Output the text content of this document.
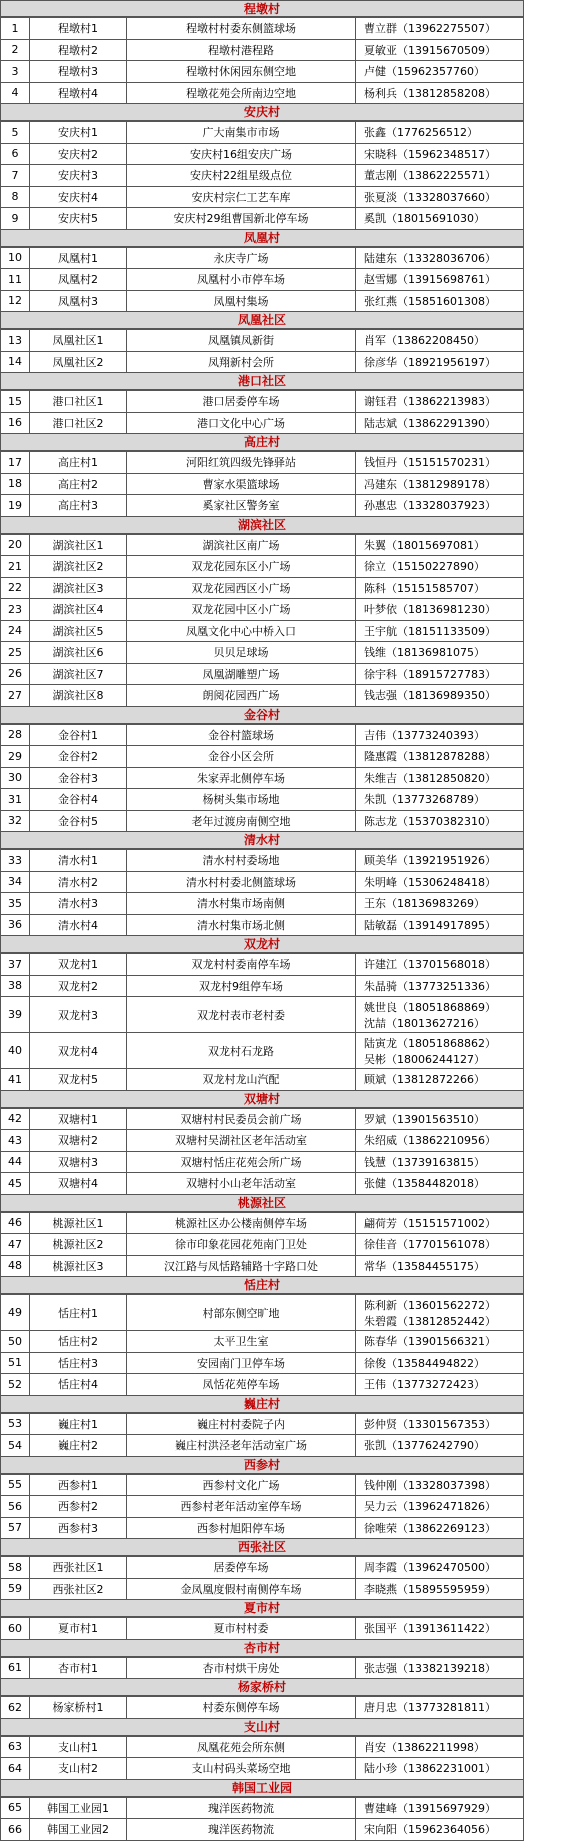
程墩村
1	程墩村1	程墩村村委东侧篮球场	曹立群（13962275507）

2	程墩村2	程墩村港程路	夏敏亚（13915670509）

3	程墩村3	程墩村休闲园东侧空地	卢健（15962357760）

4	程墩村4	程墩花苑会所南边空地	杨利兵（13812858208）
安庆村
5	安庆村1	广大南集市市场	张鑫（1776256512）

6	安庆村2	安庆村16组安庆广场	宋晓科（15962348517）

7	安庆村3	安庆村22组星级点位	董志刚（13862225571）

8	安庆村4	安庆村宗仁工艺车库	张夏淡（13328037660）

9	安庆村5	安庆村29组曹国新北停车场	奚凯（18015691030）
凤凰村
10	凤凰村1	永庆寺广场	陆建东（13328036706）

11	凤凰村2	凤凰村小市停车场	赵雪娜（13915698761）

12	凤凰村3	凤凰村集场	张红燕（15851601308）
凤凰社区
13	凤凰社区1	凤凰镇凤新街	肖军（13862208450）

14	凤凰社区2	凤翔新村会所	徐彦华（18921956197）
港口社区
15	港口社区1	港口居委停车场	谢钰君（13862213983）

16	港口社区2	港口文化中心广场	陆志斌（13862291390）
高庄村
17	高庄村1	河阳红筑四级先锋驿站	钱恒丹（15151570231）

18	高庄村2	曹家水渠篮球场	冯建东（13812989178）

19	高庄村3	奚家社区警务室	孙惠忠（13328037923）
湖滨社区
20	湖滨社区1	湖滨社区南广场	朱翼（18015697081）

21	湖滨社区2	双龙花园东区小广场	徐立（15150227890）

22	湖滨社区3	双龙花园西区小广场	陈科（15151585707）

23	湖滨社区4	双龙花园中区小广场	叶梦依（18136981230）

24	湖滨社区5	凤凰文化中心中桥入口	王宇航（18151133509）

25	湖滨社区6	贝贝足球场	钱维（18136981075）

26	湖滨社区7	凤凰湖雕塑广场	徐宇科（18915727783）

27	湖滨社区8	朗阅花园西广场	钱志强（18136989350）
金谷村
28	金谷村1	金谷村篮球场	吉伟（13773240393）

29	金谷村2	金谷小区会所	隆惠霞（13812878288）

30	金谷村3	朱家弄北侧停车场	朱维吉（13812850820）

31	金谷村4	杨树头集市场地	朱凯（13773268789）

32	金谷村5	老年过渡房南侧空地	陈志龙（15370382310）
清水村
33	清水村1	清水村村委场地	顾美华（13921951926）

34	清水村2	清水村村委北侧篮球场	朱明峰（15306248418）

35	清水村3	清水村集市场南侧	王东（18136983269）

36	清水村4	清水村集市场北侧	陆敏磊（13914917895）
双龙村
37	双龙村1	双龙村村委南停车场	许建江（13701568018）

38	双龙村2	双龙村9组停车场	朱晶骑（13773251336）

39	双龙村3	双龙村表市老村委	姚世良（18051868869）
沈喆（18013627216）

40	双龙村4	双龙村石龙路	陆寅龙（18051868862）
吴彬（18006244127）

41	双龙村5	双龙村龙山汽配	顾斌（13812872266）
双塘村
42	双塘村1	双塘村村民委员会前广场	罗斌（13901563510）

43	双塘村2	双塘村吴湖社区老年活动室	朱绍威（13862210956）

44	双塘村3	双塘村恬庄花苑会所广场	钱慧（13739163815）

45	双塘村4	双塘村小山老年活动室	张健（13584482018）
桃源社区
46	桃源社区1	桃源社区办公楼南侧停车场	翩荷芳（15151571002）

47	桃源社区2	徐市印象花园花苑南门卫处	徐佳音（17701561078）

48	桃源社区3	汉江路与凤恬路辅路十字路口处	常华（13584455175）
恬庄村
49	恬庄村1	村部东侧空旷地	陈利新（13601562272）
朱碧霞（13812852442）

50	恬庄村2	太平卫生室	陈春华（13901566321）

51	恬庄村3	安园南门卫停车场	徐俊（13584494822）

52	恬庄村4	凤恬花苑停车场	王伟（13773272423）
巍庄村
53	巍庄村1	巍庄村村委院子内	彭仲贤（13301567353）

54	巍庄村2	巍庄村洪泾老年活动室广场	张凯（13776242790）
西参村
55	西参村1	西参村文化广场	钱仲刚（13328037398）

56	西参村2	西参村老年活动室停车场	吴力云（13962471826）

57	西参村3	西参村旭阳停车场	徐唯荣（13862269123）
西张社区
58	西张社区1	居委停车场	周李霞（13962470500）

59	西张社区2	金凤凰度假村南侧停车场	李晓燕（15895595959）
夏市村
60	夏市村1	夏市村村委	张国平（13913611422）
杏市村
61	杏市村1	杏市村烘干房处	张志强（13382139218）
杨家桥村
62	杨家桥村1	村委东侧停车场	唐月忠（13773281811）
支山村
63	支山村1	凤凰花苑会所东侧	肖安（13862211998）

64	支山村2	支山村码头菜场空地	陆小珍（13862231001）
韩国工业园
65	韩国工业园1	瑰洋医药物流	曹建峰（13915697929）

66	韩国工业园2	瑰洋医药物流	宋向阳（15962364056）
